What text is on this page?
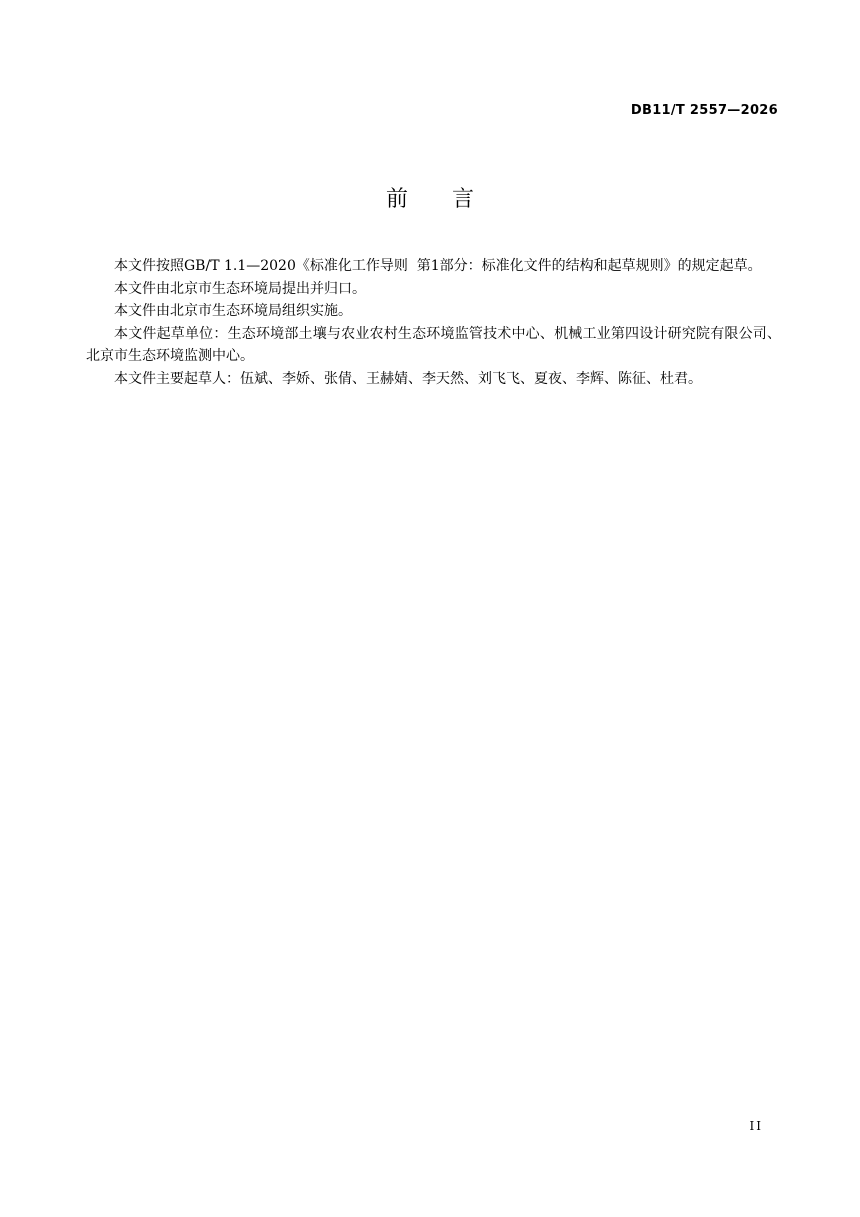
DB11/T 2557—2026
前言

本文件按照GB/T 1.1—2020《标准化工作导则  第1部分：标准化文件的结构和起草规则》的规定起草。

本文件由北京市生态环境局提出并归口。

本文件由北京市生态环境局组织实施。

本文件起草单位：生态环境部土壤与农业农村生态环境监管技术中心、机械工业第四设计研究院有限公司、北京市生态环境监测中心。

本文件主要起草人：伍斌、李娇、张倩、王赫婧、李天然、刘飞飞、夏夜、李辉、陈征、杜君。

II
